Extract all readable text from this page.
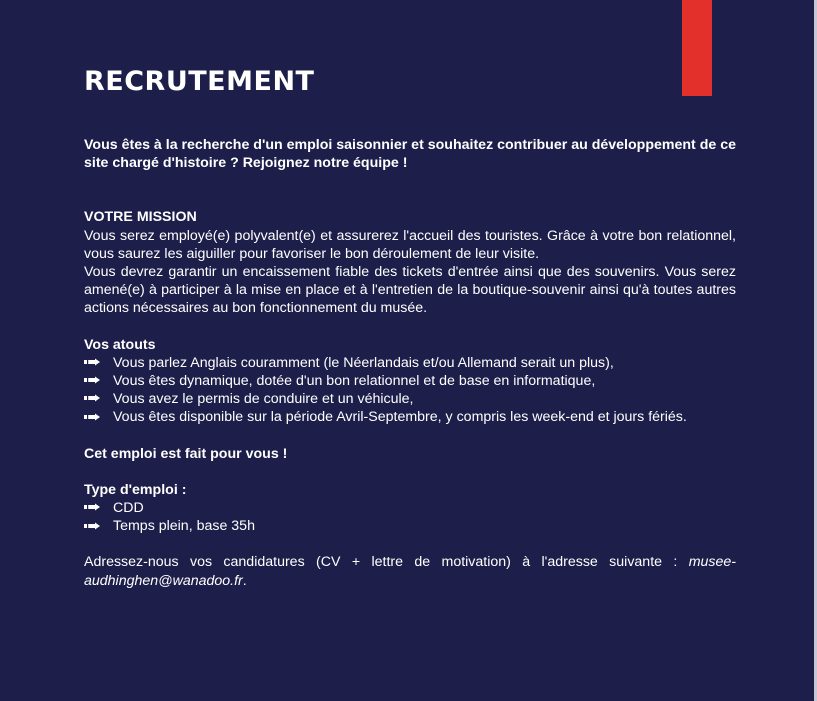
RECRUTEMENT

Vous êtes à la recherche d'un emploi saisonnier et souhaitez contribuer au développement de ce site chargé d'histoire ? Rejoignez notre équipe !

VOTRE MISSION

Vous serez employé(e) polyvalent(e) et assurerez l'accueil des touristes. Grâce à votre bon relationnel, vous saurez les aiguiller pour favoriser le bon déroulement de leur visite.

Vous devrez garantir un encaissement fiable des tickets d'entrée ainsi que des souvenirs. Vous serez amené(e) à participer à la mise en place et à l'entretien de la boutique-souvenir ainsi qu'à toutes autres actions nécessaires au bon fonctionnement du musée.

Vos atouts

Vous parlez Anglais couramment (le Néerlandais et/ou Allemand serait un plus),
Vous êtes dynamique, dotée d'un bon relationnel et de base en informatique,
Vous avez le permis de conduire et un véhicule,
Vous êtes disponible sur la période Avril-Septembre, y compris les week-end et jours fériés.

Cet emploi est fait pour vous !

Type d'emploi :

CDD
Temps plein, base 35h

Adressez-nous vos candidatures (CV + lettre de motivation) à l'adresse suivante : musee-audhinghen@wanadoo.fr.
